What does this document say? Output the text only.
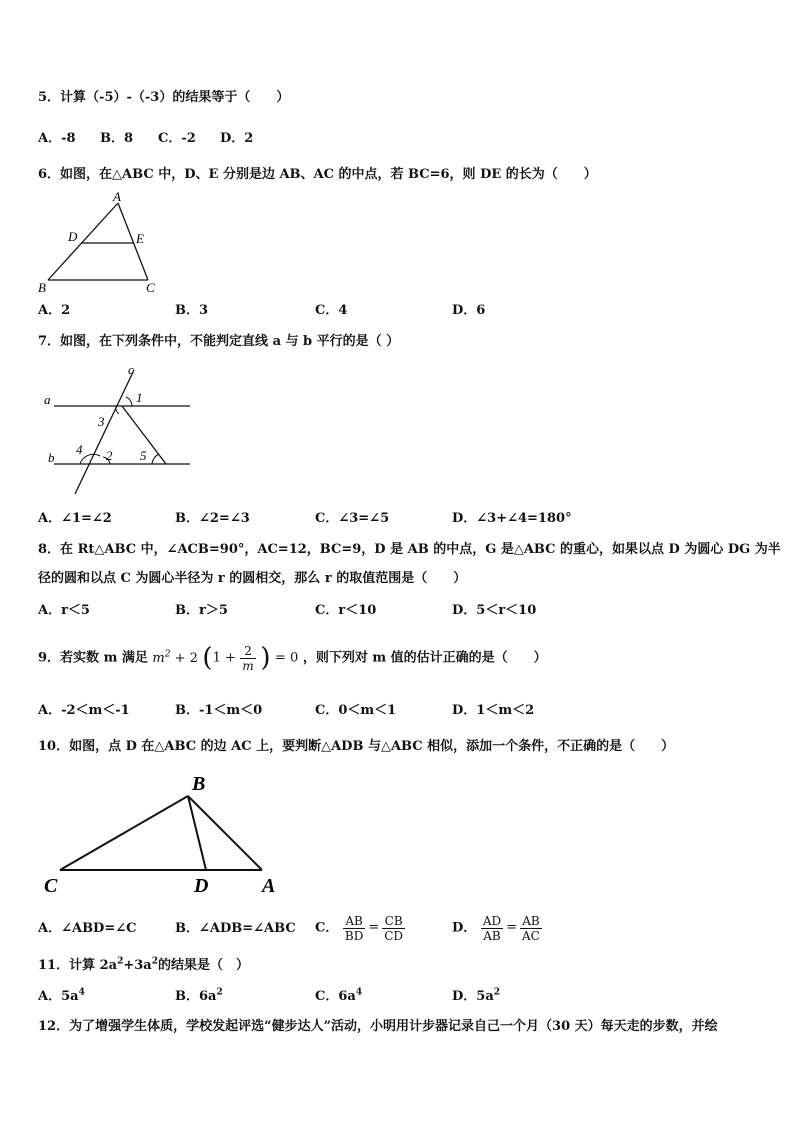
5．计算（-5）-（-3）的结果等于（　　）
A．-8 B．8 C．-2 D．2
6．如图，在△ABC 中，D、E 分别是边 AB、AC 的中点，若 BC=6，则 DE 的长为（　　）
A
D	E
B	C
A．2	B．3	C．4	D．6
7．如图，在下列条件中，不能判定直线 a 与 b 平行的是（ ）
c
a	1
3
b
4 2 5
A．∠1=∠2	B．∠2=∠3	C．∠3=∠5	D．∠3+∠4=180°
8．在 Rt△ABC 中，∠ACB=90°，AC=12，BC=9，D 是 AB 的中点，G 是△ABC 的重心，如果以点 D 为圆心 DG 为半
径的圆和以点 C 为圆心半径为 r 的圆相交，那么 r 的取值范围是（　　）
A．r＜5	B．r＞5	C．r＜10	D．5＜r＜10
9．若实数 m 满足 $m^2 + 2$ ($1 + \frac{2}{m}$ ) = 0 ，则下列对 m 值的估计正确的是（　　）
A．-2＜m＜-1	B．-1＜m＜0	C．0＜m＜1	D．1＜m＜2
10．如图，点 D 在△ABC 的边 AC 上，要判断△ADB 与△ABC 相似，添加一个条件，不正确的是（　　）
B
C	D	A
A．∠ABD=∠C	B．∠ADB=∠ABC C． $\frac{AB}{BD} = \frac{CB}{CD}$	D． $\frac{AD}{AB} = \frac{AB}{AC}$
11．计算 $2a^2+3a^2$的结果是（　）
A．$5a^4$	B．$6a^2$	C．$6a^4$	D．$5a^2$
12．为了增强学生体质，学校发起评选“健步达人”活动，小明用计步器记录自己一个月（30 天）每天走的步数，并绘
